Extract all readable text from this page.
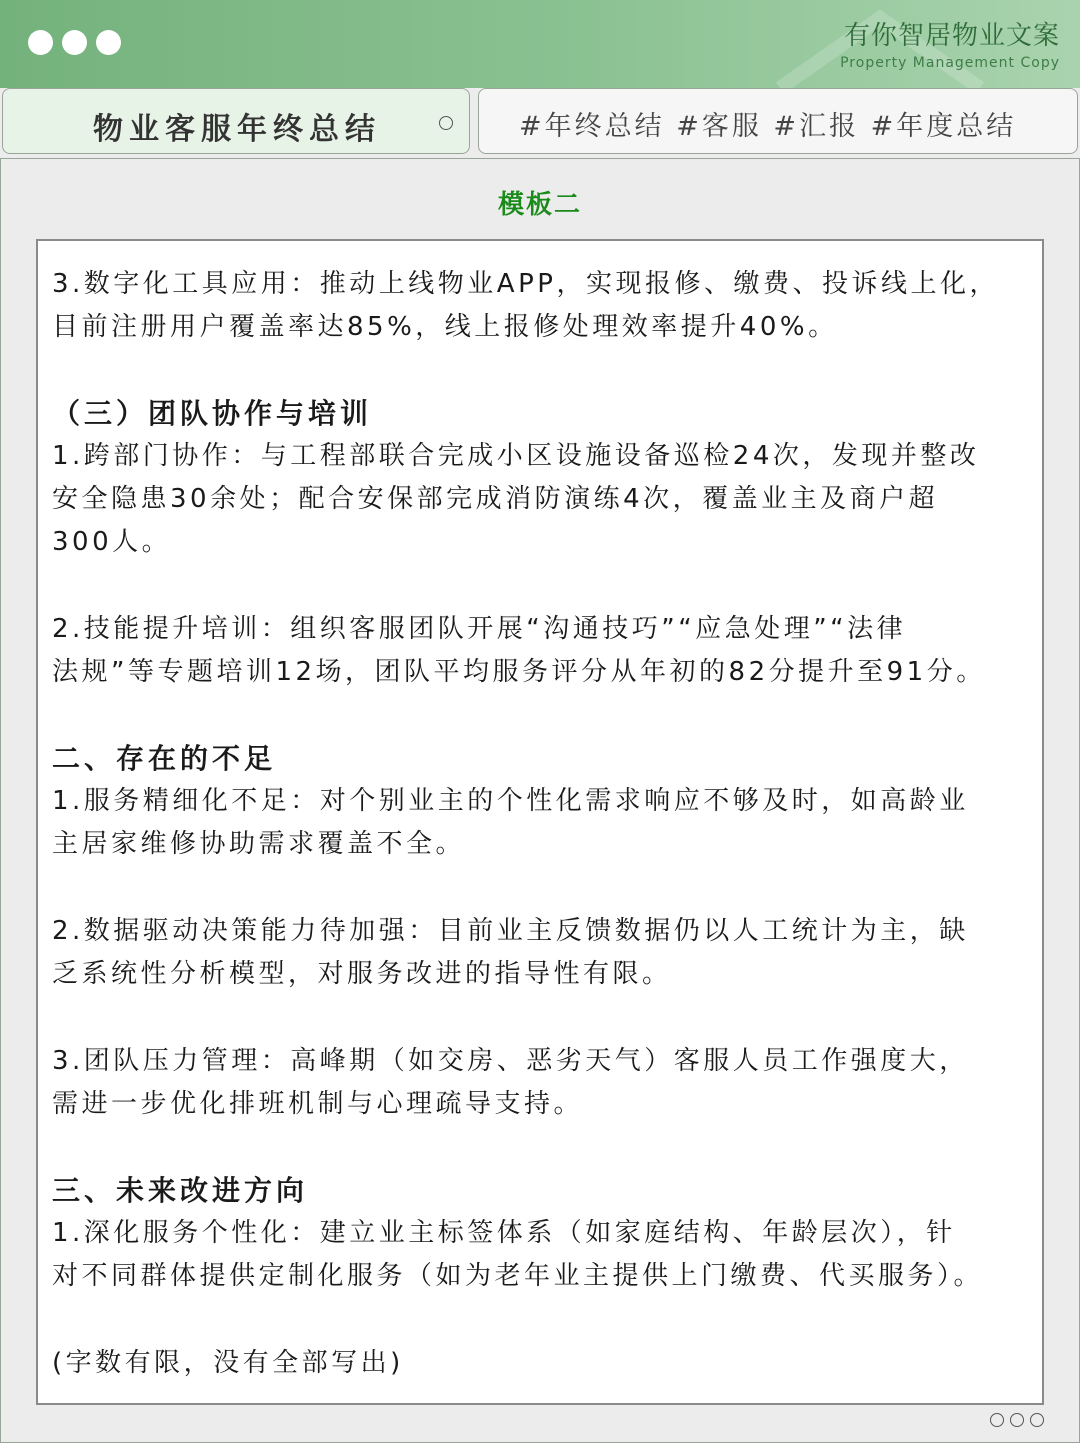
有你智居物业文案
Property Management Copy
物业客服年终总结	#年终总结 #客服 #汇报 #年度总结
模板二
3.数字化工具应用：推动上线物业APP，实现报修、缴费、投诉线上化，
目前注册用户覆盖率达85%，线上报修处理效率提升40%。
（三）团队协作与培训
1.跨部门协作：与工程部联合完成小区设施设备巡检24次，发现并整改
安全隐患30余处；配合安保部完成消防演练4次，覆盖业主及商户超
300人。
2.技能提升培训：组织客服团队开展“沟通技巧”“应急处理”“法律
法规”等专题培训12场，团队平均服务评分从年初的82分提升至91分。
二、存在的不足
1.服务精细化不足：对个别业主的个性化需求响应不够及时，如高龄业
主居家维修协助需求覆盖不全。
2.数据驱动决策能力待加强：目前业主反馈数据仍以人工统计为主，缺
乏系统性分析模型，对服务改进的指导性有限。
3.团队压力管理：高峰期（如交房、恶劣天气）客服人员工作强度大，
需进一步优化排班机制与心理疏导支持。
三、未来改进方向
1.深化服务个性化：建立业主标签体系（如家庭结构、年龄层次），针
对不同群体提供定制化服务（如为老年业主提供上门缴费、代买服务）。
(字数有限，没有全部写出)
